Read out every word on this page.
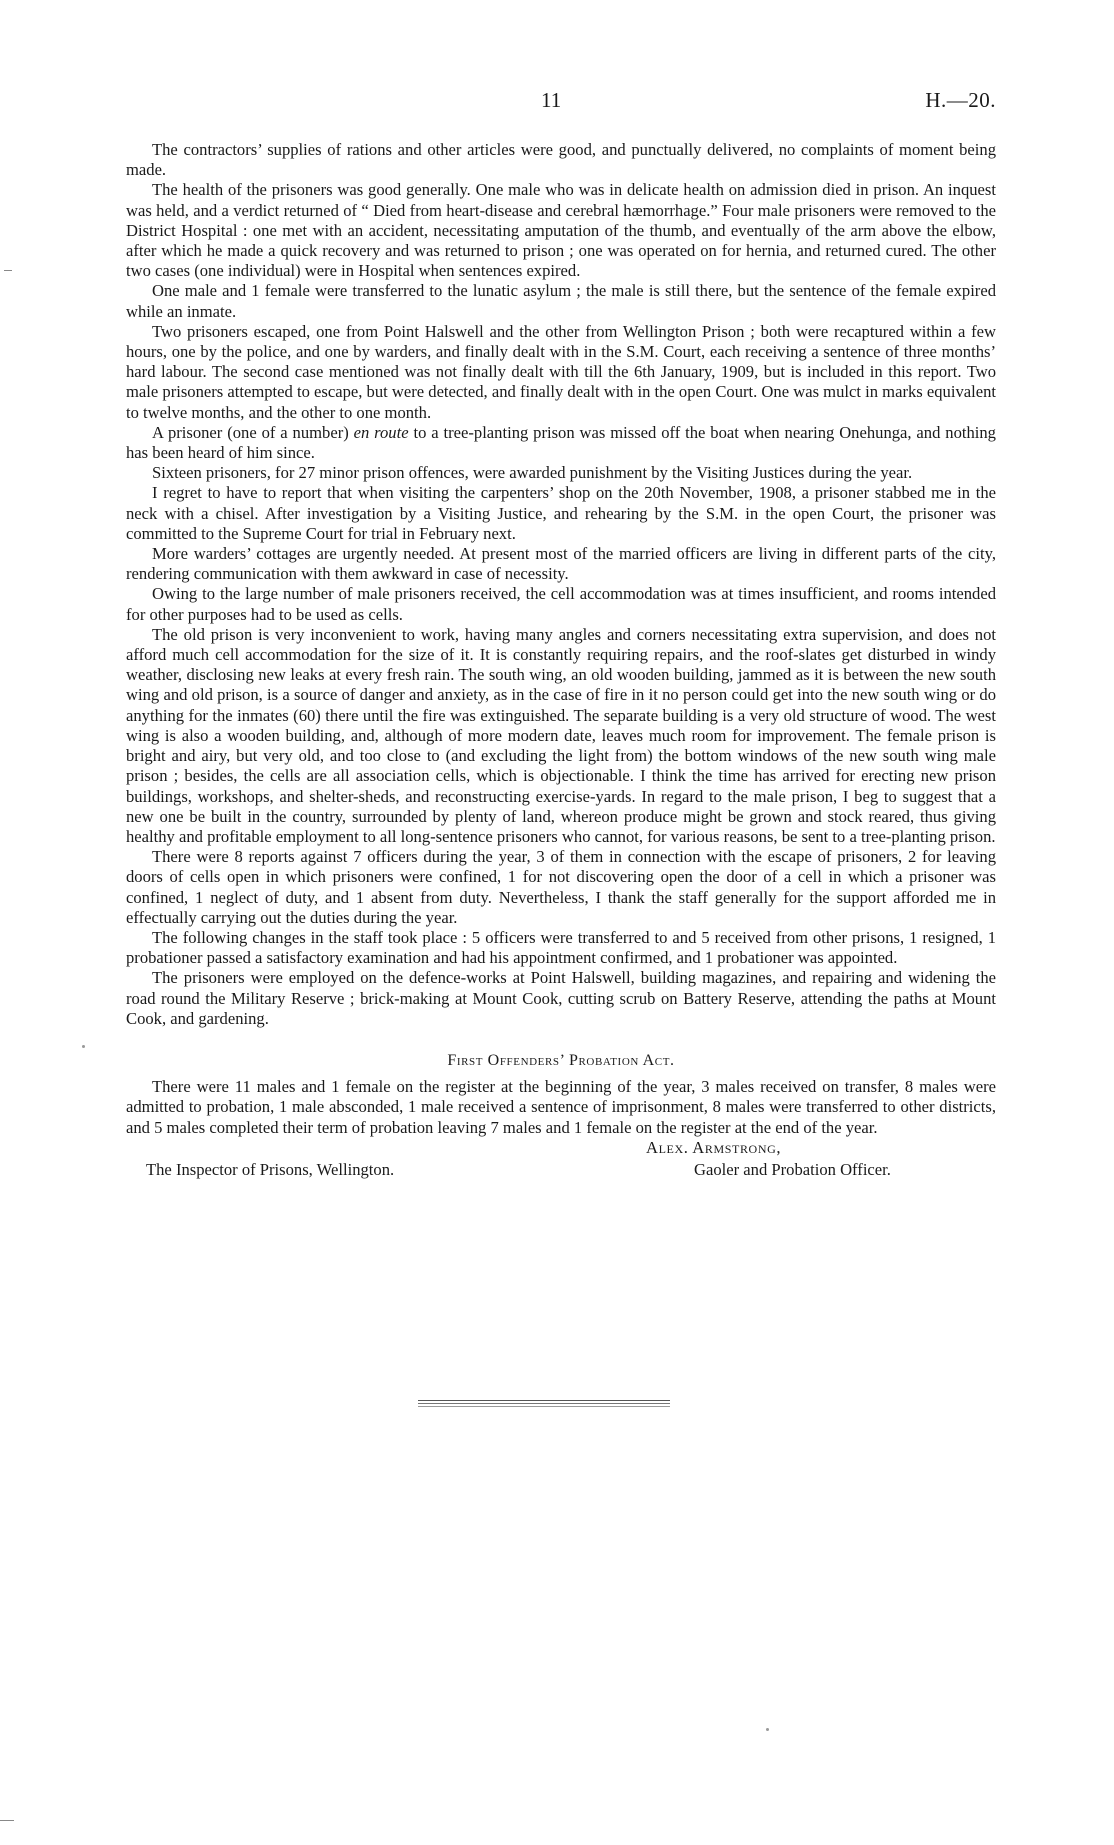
11	H.—20.

The contractors’ supplies of rations and other articles were good, and punctually delivered, no complaints of moment being made.

The health of the prisoners was good generally. One male who was in delicate health on admission died in prison. An inquest was held, and a verdict returned of “ Died from heart-disease and cerebral hæmorrhage.” Four male prisoners were removed to the District Hospital : one met with an accident, necessitating amputation of the thumb, and eventually of the arm above the elbow, after which he made a quick recovery and was returned to prison ; one was operated on for hernia, and returned cured. The other two cases (one individual) were in Hospital when sentences expired.

One male and 1 female were transferred to the lunatic asylum ; the male is still there, but the sentence of the female expired while an inmate.

Two prisoners escaped, one from Point Halswell and the other from Wellington Prison ; both were recaptured within a few hours, one by the police, and one by warders, and finally dealt with in the S.M. Court, each receiving a sentence of three months’ hard labour. The second case mentioned was not finally dealt with till the 6th January, 1909, but is included in this report. Two male prisoners attempted to escape, but were detected, and finally dealt with in the open Court. One was mulct in marks equivalent to twelve months, and the other to one month.

A prisoner (one of a number) en route to a tree-planting prison was missed off the boat when nearing Onehunga, and nothing has been heard of him since.

Sixteen prisoners, for 27 minor prison offences, were awarded punishment by the Visiting Justices during the year.

I regret to have to report that when visiting the carpenters’ shop on the 20th November, 1908, a prisoner stabbed me in the neck with a chisel. After investigation by a Visiting Justice, and rehearing by the S.M. in the open Court, the prisoner was committed to the Supreme Court for trial in February next.

More warders’ cottages are urgently needed. At present most of the married officers are living in different parts of the city, rendering communication with them awkward in case of necessity.

Owing to the large number of male prisoners received, the cell accommodation was at times insufficient, and rooms intended for other purposes had to be used as cells.

The old prison is very inconvenient to work, having many angles and corners necessitating extra supervision, and does not afford much cell accommodation for the size of it. It is constantly requiring repairs, and the roof-slates get disturbed in windy weather, disclosing new leaks at every fresh rain. The south wing, an old wooden building, jammed as it is between the new south wing and old prison, is a source of danger and anxiety, as in the case of fire in it no person could get into the new south wing or do anything for the inmates (60) there until the fire was extinguished. The separate building is a very old structure of wood. The west wing is also a wooden building, and, although of more modern date, leaves much room for improvement. The female prison is bright and airy, but very old, and too close to (and excluding the light from) the bottom windows of the new south wing male prison ; besides, the cells are all association cells, which is objectionable. I think the time has arrived for erecting new prison buildings, workshops, and shelter-sheds, and reconstructing exercise-yards. In regard to the male prison, I beg to suggest that a new one be built in the country, surrounded by plenty of land, whereon produce might be grown and stock reared, thus giving healthy and profitable employment to all long-sentence prisoners who cannot, for various reasons, be sent to a tree-planting prison.

There were 8 reports against 7 officers during the year, 3 of them in connection with the escape of prisoners, 2 for leaving doors of cells open in which prisoners were confined, 1 for not discovering open the door of a cell in which a prisoner was confined, 1 neglect of duty, and 1 absent from duty. Nevertheless, I thank the staff generally for the support afforded me in effectually carrying out the duties during the year.

The following changes in the staff took place : 5 officers were transferred to and 5 received from other prisons, 1 resigned, 1 probationer passed a satisfactory examination and had his appointment confirmed, and 1 probationer was appointed.

The prisoners were employed on the defence-works at Point Halswell, building magazines, and repairing and widening the road round the Military Reserve ; brick-making at Mount Cook, cutting scrub on Battery Reserve, attending the paths at Mount Cook, and gardening.

First Offenders’ Probation Act.

There were 11 males and 1 female on the register at the beginning of the year, 3 males received on transfer, 8 males were admitted to probation, 1 male absconded, 1 male received a sentence of imprisonment, 8 males were transferred to other districts, and 5 males completed their term of probation leaving 7 males and 1 female on the register at the end of the year.

Alex. Armstrong,
The Inspector of Prisons, Wellington.	Gaoler and Probation Officer.
